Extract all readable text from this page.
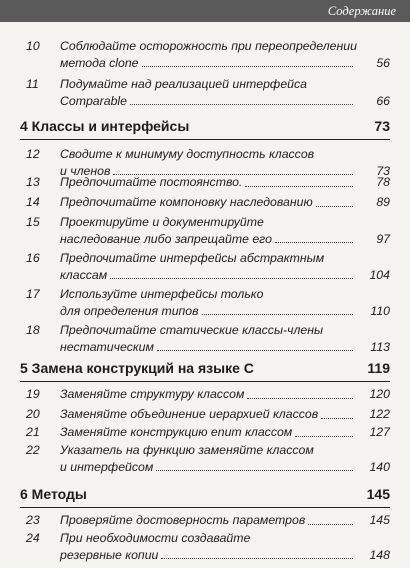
Содержание
10	Соблюдайте осторожность при переопределении
метода clone	56
11	Подумайте над реализацией интерфейса
Comparable	66
4 Классы и интерфейсы	73
12	Сводите к минимуму доступность классов
и членов	73
13	Предпочитайте постоянство.	78
14	Предпочитайте компоновку наследованию	89
15	Проектируйте и документируйте
наследование либо запрещайте его	97
16	Предпочитайте интерфейсы абстрактным
классам	104
17	Используйте интерфейсы только
для определения типов	110
18	Предпочитайте статические классы-члены
нестатическим	113
5 Замена конструкций на языке С	119
19	Заменяйте структуру классом	120
20	Заменяйте объединение иерархией классов	122
21	Заменяйте конструкцию enum классом	127
22	Указатель на функцию заменяйте классом
и интерфейсом	140
6 Методы	145
23	Проверяйте достоверность параметров	145
24	При необходимости создавайте
резервные копии	148
